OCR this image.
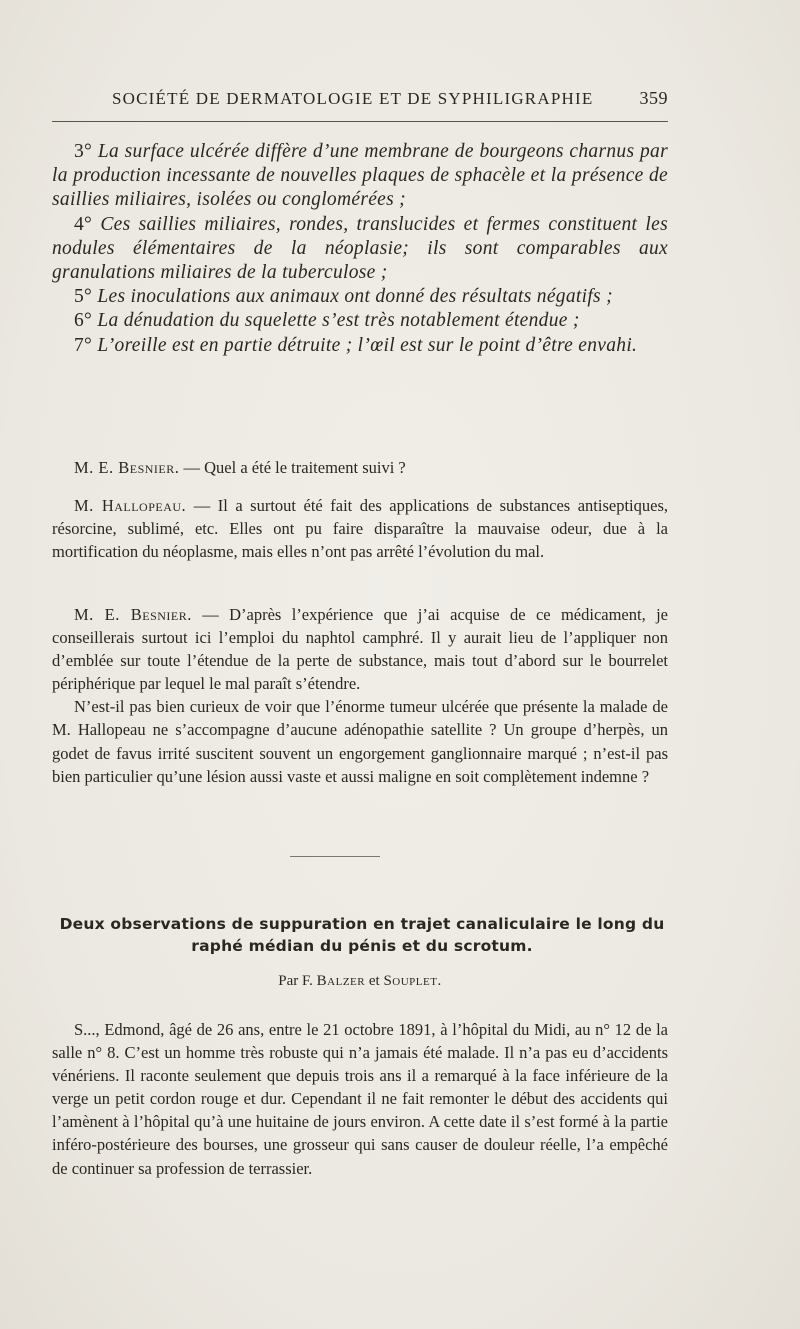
SOCIÉTÉ DE DERMATOLOGIE ET DE SYPHILIGRAPHIE	359

3° La surface ulcérée diffère d’une membrane de bourgeons charnus par la production incessante de nouvelles plaques de sphacèle et la présence de saillies miliaires, isolées ou conglomérées ;

4° Ces saillies miliaires, rondes, translucides et fermes constituent les nodules élémentaires de la néoplasie; ils sont comparables aux granulations miliaires de la tuberculose ;

5° Les inoculations aux animaux ont donné des résultats négatifs ;

6° La dénudation du squelette s’est très notablement étendue ;

7° L’oreille est en partie détruite ; l’œil est sur le point d’être envahi.

M. E. Besnier. — Quel a été le traitement suivi ?

M. Hallopeau. — Il a surtout été fait des applications de substances antiseptiques, résorcine, sublimé, etc. Elles ont pu faire disparaître la mauvaise odeur, due à la mortification du néoplasme, mais elles n’ont pas arrêté l’évolution du mal.

M. E. Besnier. — D’après l’expérience que j’ai acquise de ce médicament, je conseillerais surtout ici l’emploi du naphtol camphré. Il y aurait lieu de l’appliquer non d’emblée sur toute l’étendue de la perte de substance, mais tout d’abord sur le bourrelet périphérique par lequel le mal paraît s’étendre.

N’est-il pas bien curieux de voir que l’énorme tumeur ulcérée que présente la malade de M. Hallopeau ne s’accompagne d’aucune adénopathie satellite ? Un groupe d’herpès, un godet de favus irrité suscitent souvent un engorgement ganglionnaire marqué ; n’est-il pas bien particulier qu’une lésion aussi vaste et aussi maligne en soit complètement indemne ?

Deux observations de suppuration en trajet canaliculaire le long du raphé médian du pénis et du scrotum.
Par F. Balzer et Souplet.

S..., Edmond, âgé de 26 ans, entre le 21 octobre 1891, à l’hôpital du Midi, au n° 12 de la salle n° 8. C’est un homme très robuste qui n’a jamais été malade. Il n’a pas eu d’accidents vénériens. Il raconte seulement que depuis trois ans il a remarqué à la face inférieure de la verge un petit cordon rouge et dur. Cependant il ne fait remonter le début des accidents qui l’amènent à l’hôpital qu’à une huitaine de jours environ. A cette date il s’est formé à la partie inféro-postérieure des bourses, une grosseur qui sans causer de douleur réelle, l’a empêché de continuer sa profession de terrassier.
